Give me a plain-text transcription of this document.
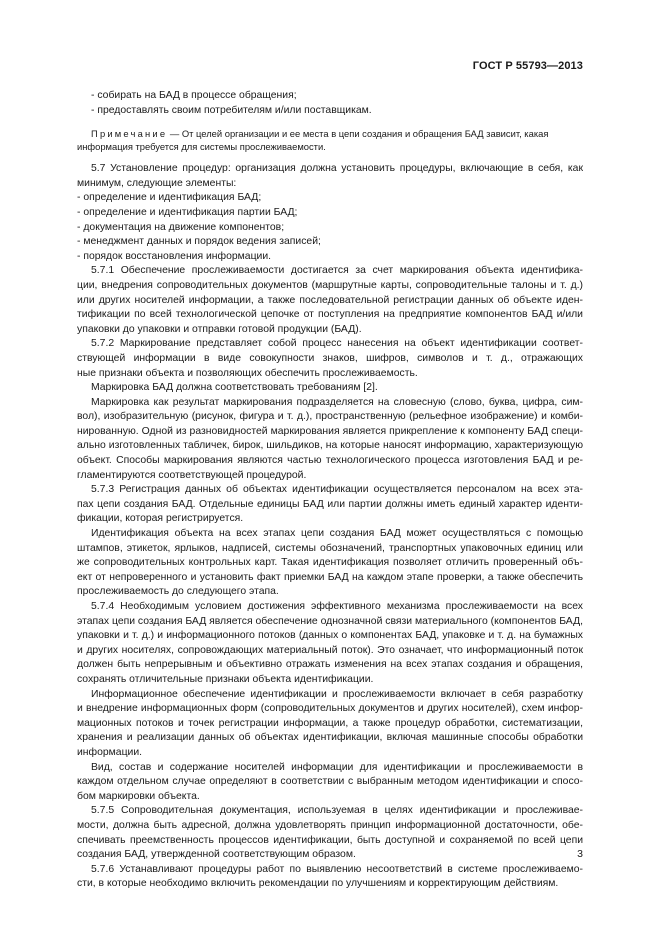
ГОСТ Р 55793—2013
- собирать на БАД в процессе обращения;
- предоставлять своим потребителям и/или поставщикам.
Примечание — От целей организации и ее места в цепи создания и обращения БАД зависит, какая
информация требуется для системы прослеживаемости.
5.7 Установление процедур: организация должна установить процедуры, включающие в себя, как
минимум, следующие элементы:
- определение и идентификация БАД;
- определение и идентификация партии БАД;
- документация на движение компонентов;
- менеджмент данных и порядок ведения записей;
- порядок восстановления информации.
5.7.1 Обеспечение прослеживаемости достигается за счет маркирования объекта идентифика-
ции, внедрения сопроводительных документов (маршрутные карты, сопроводительные талоны и т. д.)
или других носителей информации, а также последовательной регистрации данных об объекте иден-
тификации по всей технологической цепочке от поступления на предприятие компонентов БАД и/или
упаковки до упаковки и отправки готовой продукции (БАД).
5.7.2 Маркирование представляет собой процесс нанесения на объект идентификации соответ-
ствующей информации в виде совокупности знаков, шифров, символов и т. д., отражающих
ные признаки объекта и позволяющих обеспечить прослеживаемость.
Маркировка БАД должна соответствовать требованиям [2].
Маркировка как результат маркирования подразделяется на словесную (слово, буква, цифра, сим-
вол), изобразительную (рисунок, фигура и т. д.), пространственную (рельефное изображение) и комби-
нированную. Одной из разновидностей маркирования является прикрепление к компоненту БАД специ-
ально изготовленных табличек, бирок, шильдиков, на которые наносят информацию, характеризующую
объект. Способы маркирования являются частью технологического процесса изготовления БАД и ре-
гламентируются соответствующей процедурой.
5.7.3 Регистрация данных об объектах идентификации осуществляется персоналом на всех эта-
пах цепи создания БАД. Отдельные единицы БАД или партии должны иметь единый характер иденти-
фикации, которая регистрируется.
Идентификация объекта на всех этапах цепи создания БАД может осуществляться с помощью
штампов, этикеток, ярлыков, надписей, системы обозначений, транспортных упаковочных единиц или
же сопроводительных контрольных карт. Такая идентификация позволяет отличить проверенный объ-
ект от непроверенного и установить факт приемки БАД на каждом этапе проверки, а также обеспечить
прослеживаемость до следующего этапа.
5.7.4 Необходимым условием достижения эффективного механизма прослеживаемости на всех
этапах цепи создания БАД является обеспечение однозначной связи материального (компонентов БАД,
упаковки и т. д.) и информационного потоков (данных о компонентах БАД, упаковке и т. д. на бумажных
и других носителях, сопровождающих материальный поток). Это означает, что информационный поток
должен быть непрерывным и объективно отражать изменения на всех этапах создания и обращения,
сохранять отличительные признаки объекта идентификации.
Информационное обеспечение идентификации и прослеживаемости включает в себя разработку
и внедрение информационных форм (сопроводительных документов и других носителей), схем инфор-
мационных потоков и точек регистрации информации, а также процедур обработки, систематизации,
хранения и реализации данных об объектах идентификации, включая машинные способы обработки
информации.
Вид, состав и содержание носителей информации для идентификации и прослеживаемости в
каждом отдельном случае определяют в соответствии с выбранным методом идентификации и спосо-
бом маркировки объекта.
5.7.5 Сопроводительная документация, используемая в целях идентификации и прослеживае-
мости, должна быть адресной, должна удовлетворять принцип информационной достаточности, обе-
спечивать преемственность процессов идентификации, быть доступной и сохраняемой по всей цепи
создания БАД, утвержденной соответствующим образом.
5.7.6 Устанавливают процедуры работ по выявлению несоответствий в системе прослеживаемо-
сти, в которые необходимо включить рекомендации по улучшениям и корректирующим действиям.
3
